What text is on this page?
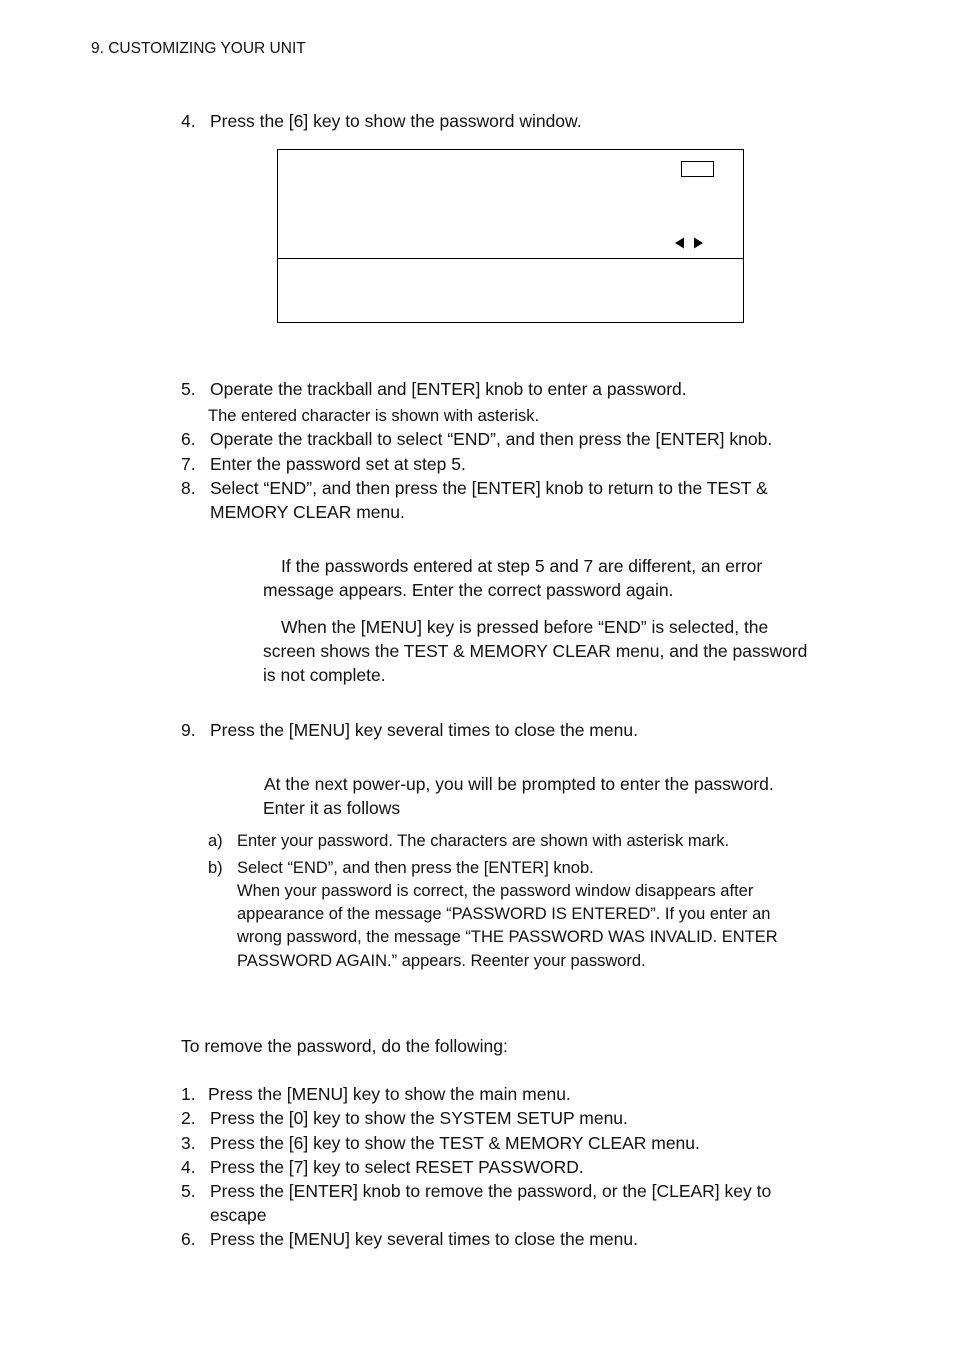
9. CUSTOMIZING YOUR UNIT
4. Press the [6] key to show the password window.
5. Operate the trackball and [ENTER] knob to enter a password.
The entered character is shown with asterisk.
6. Operate the trackball to select “END”, and then press the [ENTER] knob.
7. Enter the password set at step 5.
8. Select “END”, and then press the [ENTER] knob to return to the TEST &
MEMORY CLEAR menu.
If the passwords entered at step 5 and 7 are different, an error
message appears. Enter the correct password again.
When the [MENU] key is pressed before “END” is selected, the
screen shows the TEST & MEMORY CLEAR menu, and the password
is not complete.
9. Press the [MENU] key several times to close the menu.
At the next power-up, you will be prompted to enter the password.
Enter it as follows
a) Enter your password. The characters are shown with asterisk mark.
b) Select “END”, and then press the [ENTER] knob.
When your password is correct, the password window disappears after
appearance of the message “PASSWORD IS ENTERED”. If you enter an
wrong password, the message “THE PASSWORD WAS INVALID. ENTER
PASSWORD AGAIN.” appears. Reenter your password.
To remove the password, do the following:
1. Press the [MENU] key to show the main menu.
2. Press the [0] key to show the SYSTEM SETUP menu.
3. Press the [6] key to show the TEST & MEMORY CLEAR menu.
4. Press the [7] key to select RESET PASSWORD.
5. Press the [ENTER] knob to remove the password, or the [CLEAR] key to
escape
6. Press the [MENU] key several times to close the menu.
